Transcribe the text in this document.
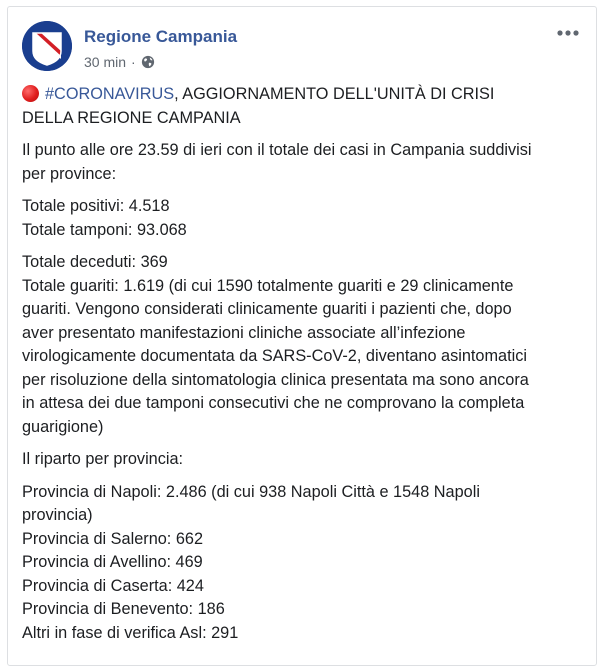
Regione Campania
30 min ·
#CORONAVIRUS, AGGIORNAMENTO DELL'UNITÀ DI CRISI
DELLA REGIONE CAMPANIA
Il punto alle ore 23.59 di ieri con il totale dei casi in Campania suddivisi
per province:
Totale positivi: 4.518
Totale tamponi: 93.068
Totale deceduti: 369
Totale guariti: 1.619 (di cui 1590 totalmente guariti e 29 clinicamente
guariti. Vengono considerati clinicamente guariti i pazienti che, dopo
aver presentato manifestazioni cliniche associate all’infezione
virologicamente documentata da SARS-CoV-2, diventano asintomatici
per risoluzione della sintomatologia clinica presentata ma sono ancora
in attesa dei due tamponi consecutivi che ne comprovano la completa
guarigione)
Il riparto per provincia:
Provincia di Napoli: 2.486 (di cui 938 Napoli Città e 1548 Napoli
provincia)
Provincia di Salerno: 662
Provincia di Avellino: 469
Provincia di Caserta: 424
Provincia di Benevento: 186
Altri in fase di verifica Asl: 291
